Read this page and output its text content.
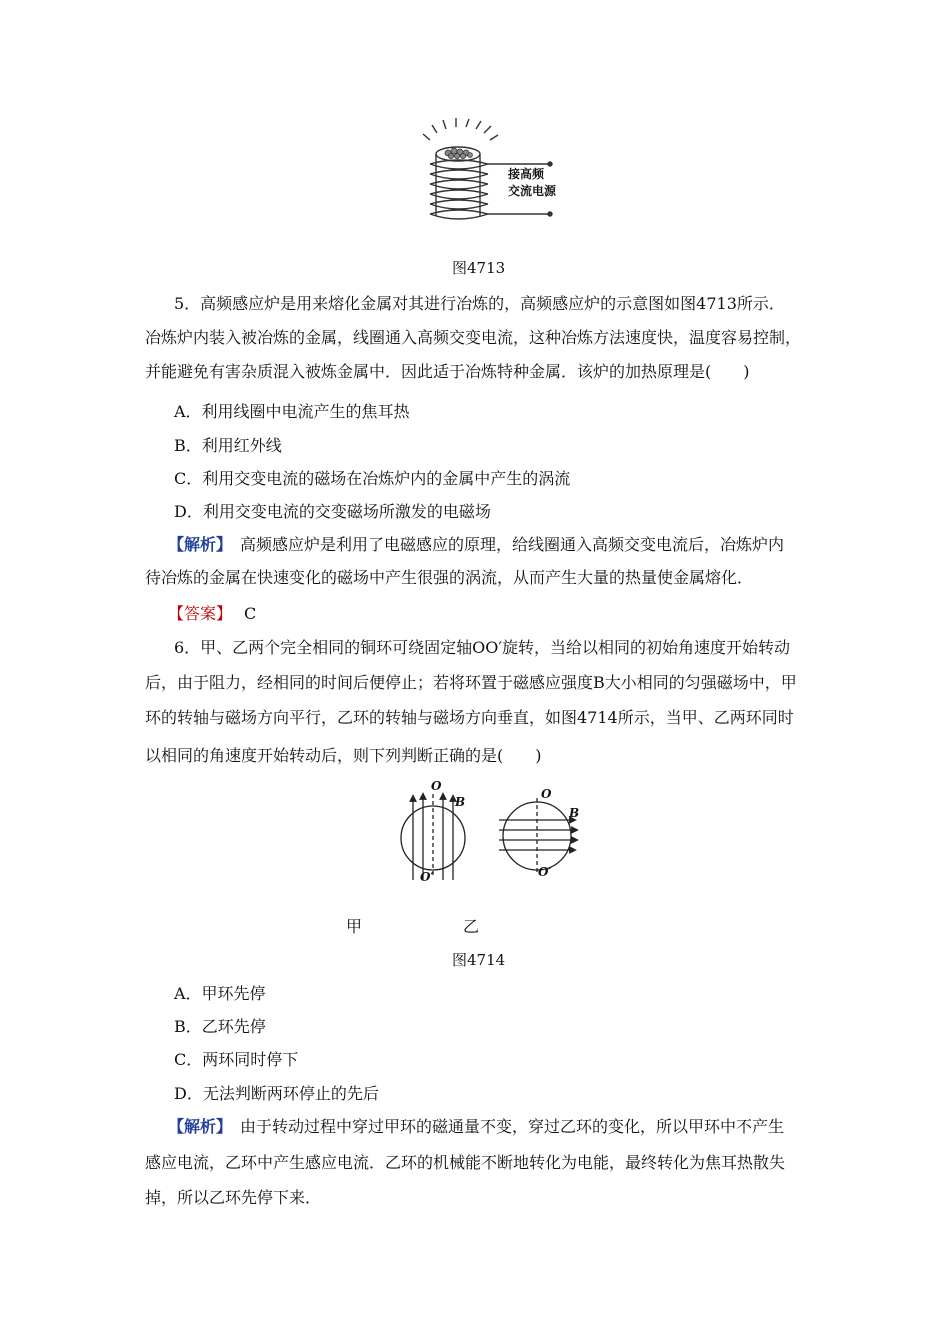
接高频
交流电源
图4713
5．高频感应炉是用来熔化金属对其进行冶炼的，高频感应炉的示意图如图4713所示．
冶炼炉内装入被冶炼的金属，线圈通入高频交变电流，这种冶炼方法速度快，温度容易控制，
并能避免有害杂质混入被炼金属中．因此适于冶炼特种金属．该炉的加热原理是(　　)
A．利用线圈中电流产生的焦耳热
B．利用红外线
C．利用交变电流的磁场在冶炼炉内的金属中产生的涡流
D．利用交变电流的交变磁场所激发的电磁场
【解析】　高频感应炉是利用了电磁感应的原理，给线圈通入高频交变电流后，冶炼炉内
待冶炼的金属在快速变化的磁场中产生很强的涡流，从而产生大量的热量使金属熔化．
【答案】 C
6．甲、乙两个完全相同的铜环可绕固定轴OO′旋转，当给以相同的初始角速度开始转动
后，由于阻力，经相同的时间后便停止；若将环置于磁感应强度B大小相同的匀强磁场中，甲
环的转轴与磁场方向平行，乙环的转轴与磁场方向垂直，如图4714所示，当甲、乙两环同时
以相同的角速度开始转动后，则下列判断正确的是(　　)
O
B
O′
O
B
O′
甲	乙
图4714
A．甲环先停
B．乙环先停
C．两环同时停下
D．无法判断两环停止的先后
【解析】　由于转动过程中穿过甲环的磁通量不变，穿过乙环的变化，所以甲环中不产生
感应电流，乙环中产生感应电流．乙环的机械能不断地转化为电能，最终转化为焦耳热散失
掉，所以乙环先停下来．
